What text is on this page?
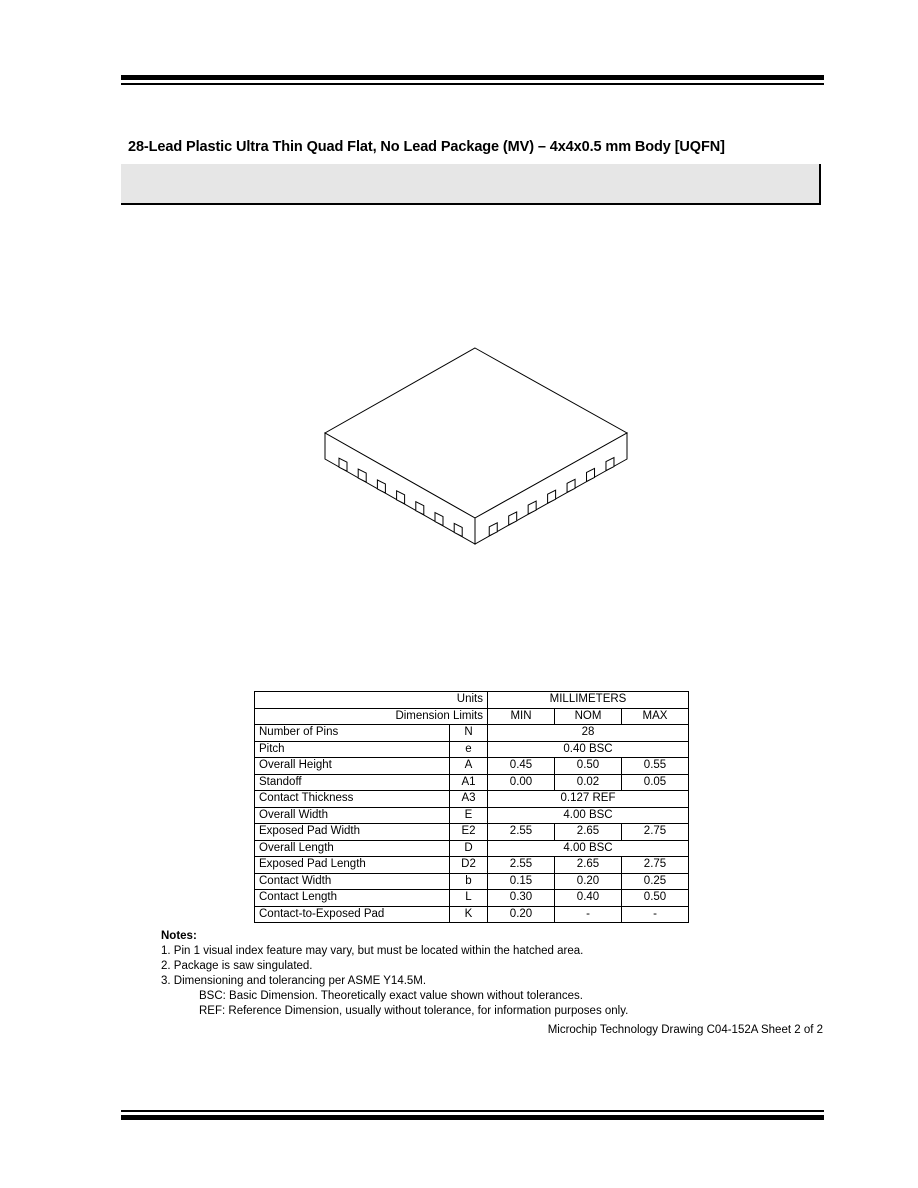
28-Lead Plastic Ultra Thin Quad Flat, No Lead Package (MV) – 4x4x0.5 mm Body [UQFN]
Units		MILLIMETERS		
Dimension Limits		MIN	NOM	MAX
Number of Pins	N	28		
Pitch	e	0.40 BSC		
Overall Height	A	0.45	0.50	0.55
Standoff	A1	0.00	0.02	0.05
Contact Thickness	A3	0.127 REF		
Overall Width	E	4.00 BSC		
Exposed Pad Width	E2	2.55	2.65	2.75
Overall Length	D	4.00 BSC		
Exposed Pad Length	D2	2.55	2.65	2.75
Contact Width	b	0.15	0.20	0.25
Contact Length	L	0.30	0.40	0.50
Contact-to-Exposed Pad	K	0.20	-	-
Notes:
1. Pin 1 visual index feature may vary, but must be located within the hatched area.
2. Package is saw singulated.
3. Dimensioning and tolerancing per ASME Y14.5M.
BSC: Basic Dimension. Theoretically exact value shown without tolerances.
REF: Reference Dimension, usually without tolerance, for information purposes only.
Microchip Technology Drawing C04-152A Sheet 2 of 2
